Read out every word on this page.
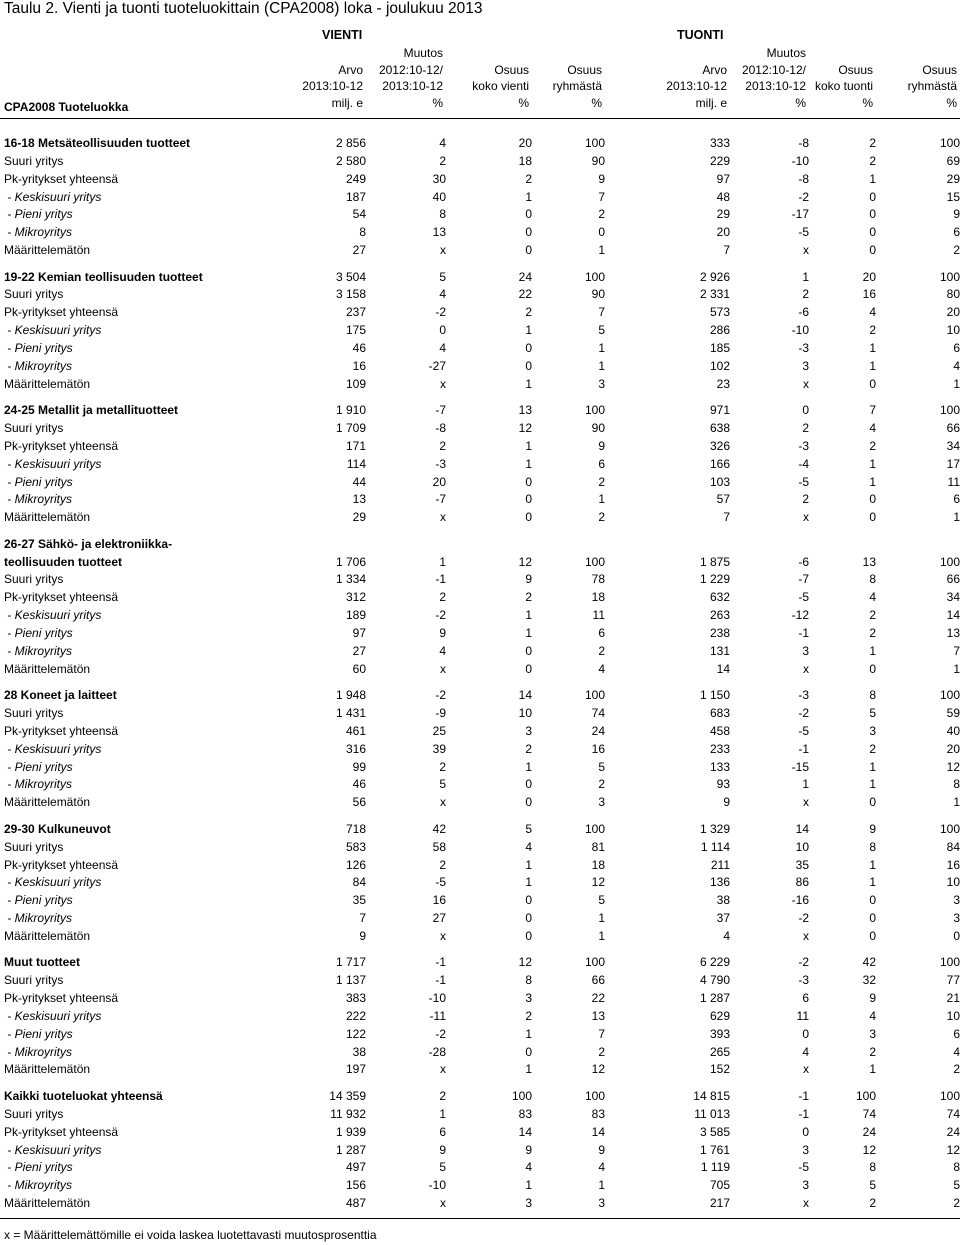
Taulu 2. Vienti ja tuonti tuoteluokittain (CPA2008) loka - joulukuu 2013
VIENTI	TUONTI
CPA2008 Tuoteluokka
Arvo
2013:10-12
milj. e
Muutos
2012:10-12/
2013:10-12
%
Osuus
koko vienti
%
Osuus
ryhmästä
%
Arvo
2013:10-12
milj. e
Muutos
2012:10-12/
2013:10-12
%
Osuus
koko tuonti
%
Osuus
ryhmästä
%
16-18 Metsäteollisuuden tuotteet	2 856	4	20	100	333	-8	2	100
Suuri yritys	2 580	2	18	90	229	-10	2	69
Pk-yritykset yhteensä	249	30	2	9	97	-8	1	29
- Keskisuuri yritys	187	40	1	7	48	-2	0	15
- Pieni yritys	54	8	0	2	29	-17	0	9
- Mikroyritys	8	13	0	0	20	-5	0	6
Määrittelemätön	27	x	0	1	7	x	0	2

19-22 Kemian teollisuuden tuotteet	3 504	5	24	100	2 926	1	20	100
Suuri yritys	3 158	4	22	90	2 331	2	16	80
Pk-yritykset yhteensä	237	-2	2	7	573	-6	4	20
- Keskisuuri yritys	175	0	1	5	286	-10	2	10
- Pieni yritys	46	4	0	1	185	-3	1	6
- Mikroyritys	16	-27	0	1	102	3	1	4
Määrittelemätön	109	x	1	3	23	x	0	1

24-25 Metallit ja metallituotteet	1 910	-7	13	100	971	0	7	100
Suuri yritys	1 709	-8	12	90	638	2	4	66
Pk-yritykset yhteensä	171	2	1	9	326	-3	2	34
- Keskisuuri yritys	114	-3	1	6	166	-4	1	17
- Pieni yritys	44	20	0	2	103	-5	1	11
- Mikroyritys	13	-7	0	1	57	2	0	6
Määrittelemätön	29	x	0	2	7	x	0	1

26-27 Sähkö- ja elektroniikka-
teollisuuden tuotteet	1 706	1	12	100	1 875	-6	13	100
Suuri yritys	1 334	-1	9	78	1 229	-7	8	66
Pk-yritykset yhteensä	312	2	2	18	632	-5	4	34
- Keskisuuri yritys	189	-2	1	11	263	-12	2	14
- Pieni yritys	97	9	1	6	238	-1	2	13
- Mikroyritys	27	4	0	2	131	3	1	7
Määrittelemätön	60	x	0	4	14	x	0	1

28 Koneet ja laitteet	1 948	-2	14	100	1 150	-3	8	100
Suuri yritys	1 431	-9	10	74	683	-2	5	59
Pk-yritykset yhteensä	461	25	3	24	458	-5	3	40
- Keskisuuri yritys	316	39	2	16	233	-1	2	20
- Pieni yritys	99	2	1	5	133	-15	1	12
- Mikroyritys	46	5	0	2	93	1	1	8
Määrittelemätön	56	x	0	3	9	x	0	1

29-30 Kulkuneuvot	718	42	5	100	1 329	14	9	100
Suuri yritys	583	58	4	81	1 114	10	8	84
Pk-yritykset yhteensä	126	2	1	18	211	35	1	16
- Keskisuuri yritys	84	-5	1	12	136	86	1	10
- Pieni yritys	35	16	0	5	38	-16	0	3
- Mikroyritys	7	27	0	1	37	-2	0	3
Määrittelemätön	9	x	0	1	4	x	0	0

Muut tuotteet	1 717	-1	12	100	6 229	-2	42	100
Suuri yritys	1 137	-1	8	66	4 790	-3	32	77
Pk-yritykset yhteensä	383	-10	3	22	1 287	6	9	21
- Keskisuuri yritys	222	-11	2	13	629	11	4	10
- Pieni yritys	122	-2	1	7	393	0	3	6
- Mikroyritys	38	-28	0	2	265	4	2	4
Määrittelemätön	197	x	1	12	152	x	1	2

Kaikki tuoteluokat yhteensä	14 359	2	100	100	14 815	-1	100	100
Suuri yritys	11 932	1	83	83	11 013	-1	74	74
Pk-yritykset yhteensä	1 939	6	14	14	3 585	0	24	24
- Keskisuuri yritys	1 287	9	9	9	1 761	3	12	12
- Pieni yritys	497	5	4	4	1 119	-5	8	8
- Mikroyritys	156	-10	1	1	705	3	5	5
Määrittelemätön	487	x	3	3	217	x	2	2
x = Määrittelemättömille ei voida laskea luotettavasti muutosprosenttia
